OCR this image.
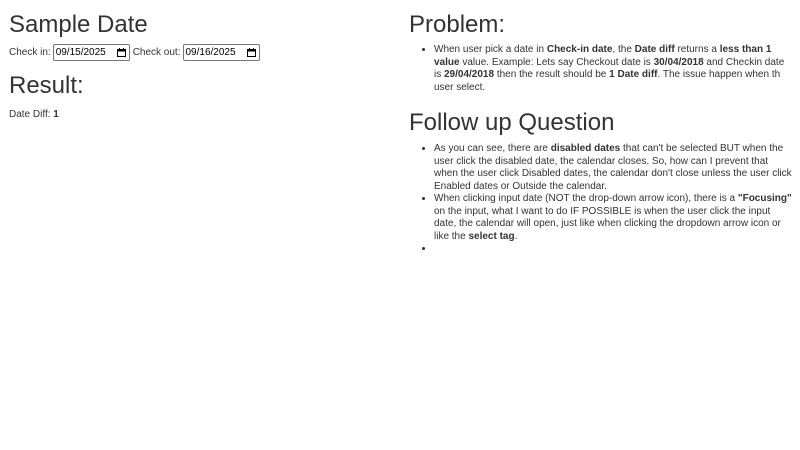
Sample Date
Check in: 09/15/2025	Check out: 09/16/2025
Result:
Date Diff: 1
Problem:
• When user pick a date in Check-in date, the Date diff returns a less than 1 value value. Example: Lets say Checkout date is 30/04/2018 and Checkin date is 29/04/2018 then the result should be 1 Date diff. The issue happen when th user select.
Follow up Question
• As you can see, there are disabled dates that can't be selected BUT when the user click the disabled date, the calendar closes. So, how can I prevent that when the user click Disabled dates, the calendar don't close unless the user click Enabled dates or Outside the calendar.
• When clicking input date (NOT the drop-down arrow icon), there is a "Focusing" on the input, what I want to do IF POSSIBLE is when the user click the input date, the calendar will open, just like when clicking the dropdown arrow icon or like the select tag.
•
